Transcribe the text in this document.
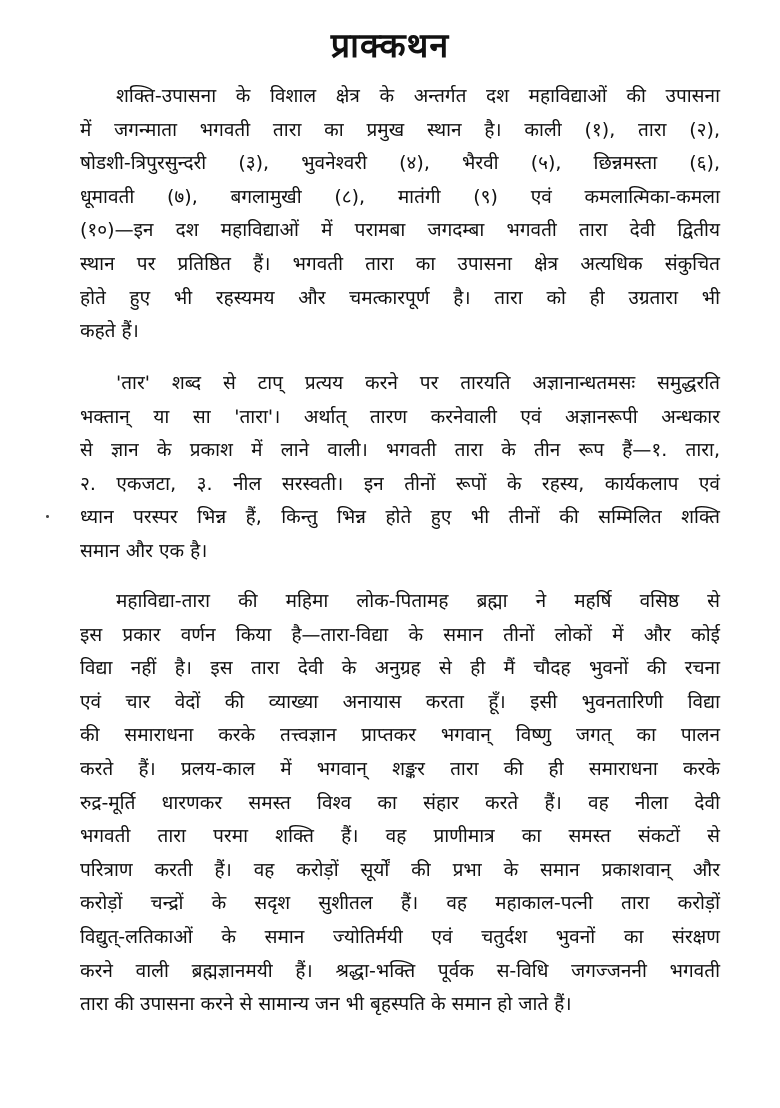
प्राक्कथन
शक्ति-उपासना के विशाल क्षेत्र के अन्तर्गत दश महाविद्याओं की उपासना
में जगन्माता भगवती तारा का प्रमुख स्थान है। काली (१), तारा (२),
षोडशी-त्रिपुरसुन्दरी (३), भुवनेश्वरी (४), भैरवी (५), छिन्नमस्ता (६),
धूमावती (७), बगलामुखी (८), मातंगी (९) एवं कमलात्मिका-कमला
(१०)—इन दश महाविद्याओं में परामबा जगदम्बा भगवती तारा देवी द्वितीय
स्थान पर प्रतिष्ठित हैं। भगवती तारा का उपासना क्षेत्र अत्यधिक संकुचित
होते हुए भी रहस्यमय और चमत्कारपूर्ण है। तारा को ही उग्रतारा भी
कहते हैं।
'तार' शब्द से टाप् प्रत्यय करने पर तारयति अज्ञानान्धतमसः समुद्धरति
भक्तान् या सा 'तारा'। अर्थात् तारण करनेवाली एवं अज्ञानरूपी अन्धकार
से ज्ञान के प्रकाश में लाने वाली। भगवती तारा के तीन रूप हैं—१. तारा,
२. एकजटा, ३. नील सरस्वती। इन तीनों रूपों के रहस्य, कार्यकलाप एवं
ध्यान परस्पर भिन्न हैं, किन्तु भिन्न होते हुए भी तीनों की सम्मिलित शक्ति
समान और एक है।
महाविद्या-तारा की महिमा लोक-पितामह ब्रह्मा ने महर्षि वसिष्ठ से
इस प्रकार वर्णन किया है—तारा-विद्या के समान तीनों लोकों में और कोई
विद्या नहीं है। इस तारा देवी के अनुग्रह से ही मैं चौदह भुवनों की रचना
एवं चार वेदों की व्याख्या अनायास करता हूँ। इसी भुवनतारिणी विद्या
की समाराधना करके तत्त्वज्ञान प्राप्तकर भगवान् विष्णु जगत् का पालन
करते हैं। प्रलय-काल में भगवान् शङ्कर तारा की ही समाराधना करके
रुद्र-मूर्ति धारणकर समस्त विश्व का संहार करते हैं। वह नीला देवी
भगवती तारा परमा शक्ति हैं। वह प्राणीमात्र का समस्त संकटों से
परित्राण करती हैं। वह करोड़ों सूर्यों की प्रभा के समान प्रकाशवान् और
करोड़ों चन्द्रों के सदृश सुशीतल हैं। वह महाकाल-पत्नी तारा करोड़ों
विद्युत्-लतिकाओं के समान ज्योतिर्मयी एवं चतुर्दश भुवनों का संरक्षण
करने वाली ब्रह्मज्ञानमयी हैं। श्रद्धा-भक्ति पूर्वक स-विधि जगज्जननी भगवती
तारा की उपासना करने से सामान्य जन भी बृहस्पति के समान हो जाते हैं।
